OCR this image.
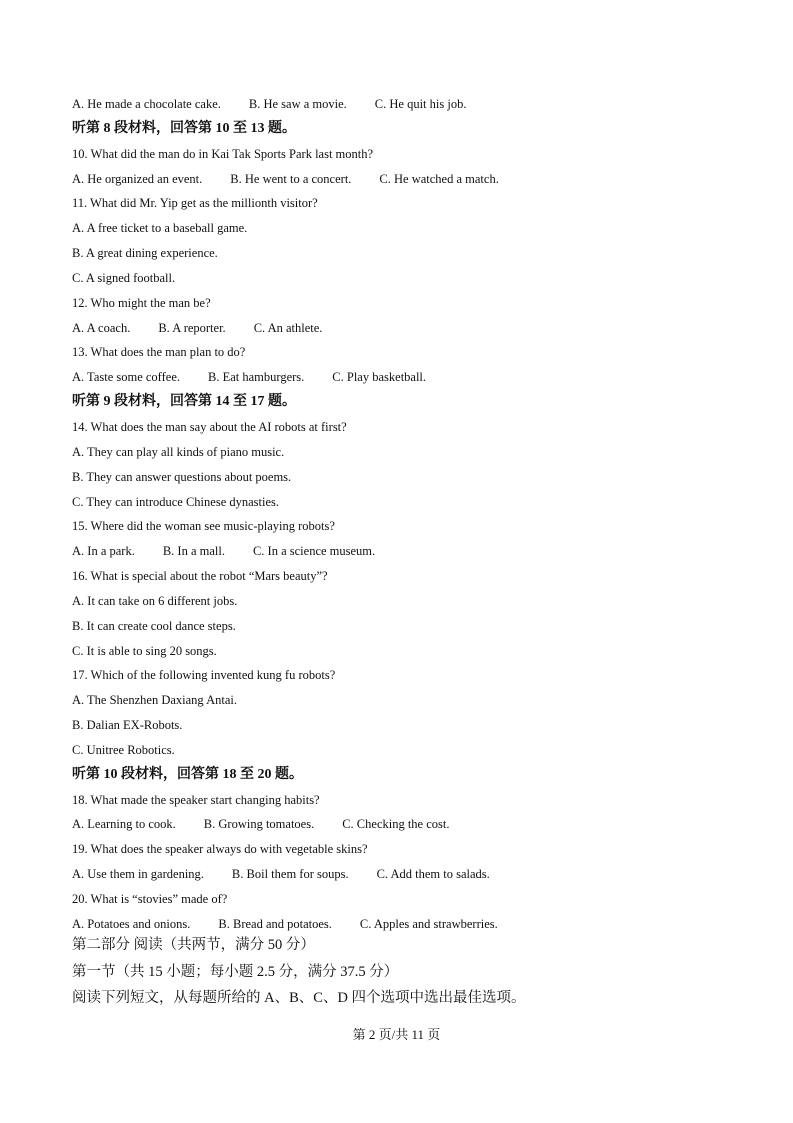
A. He made a chocolate cake. B. He saw a movie. C. He quit his job.
听第 8 段材料，回答第 10 至 13 题。
10. What did the man do in Kai Tak Sports Park last month?
A. He organized an event. B. He went to a concert. C. He watched a match.
11. What did Mr. Yip get as the millionth visitor?
A. A free ticket to a baseball game.
B. A great dining experience.
C. A signed football.
12. Who might the man be?
A. A coach. B. A reporter. C. An athlete.
13. What does the man plan to do?
A. Taste some coffee. B. Eat hamburgers. C. Play basketball.
听第 9 段材料，回答第 14 至 17 题。
14. What does the man say about the AI robots at first?
A. They can play all kinds of piano music.
B. They can answer questions about poems.
C. They can introduce Chinese dynasties.
15. Where did the woman see music-playing robots?
A. In a park. B. In a mall. C. In a science museum.
16. What is special about the robot “Mars beauty”?
A. It can take on 6 different jobs.
B. It can create cool dance steps.
C. It is able to sing 20 songs.
17. Which of the following invented kung fu robots?
A. The Shenzhen Daxiang Antai.
B. Dalian EX-Robots.
C. Unitree Robotics.
听第 10 段材料，回答第 18 至 20 题。
18. What made the speaker start changing habits?
A. Learning to cook. B. Growing tomatoes. C. Checking the cost.
19. What does the speaker always do with vegetable skins?
A. Use them in gardening. B. Boil them for soups. C. Add them to salads.
20. What is “stovies” made of?
A. Potatoes and onions. B. Bread and potatoes. C. Apples and strawberries.
第二部分 阅读（共两节，满分 50 分）
第一节（共 15 小题；每小题 2.5 分，满分 37.5 分）
阅读下列短文，从每题所给的 A、B、C、D 四个选项中选出最佳选项。
第 2 页/共 11 页
